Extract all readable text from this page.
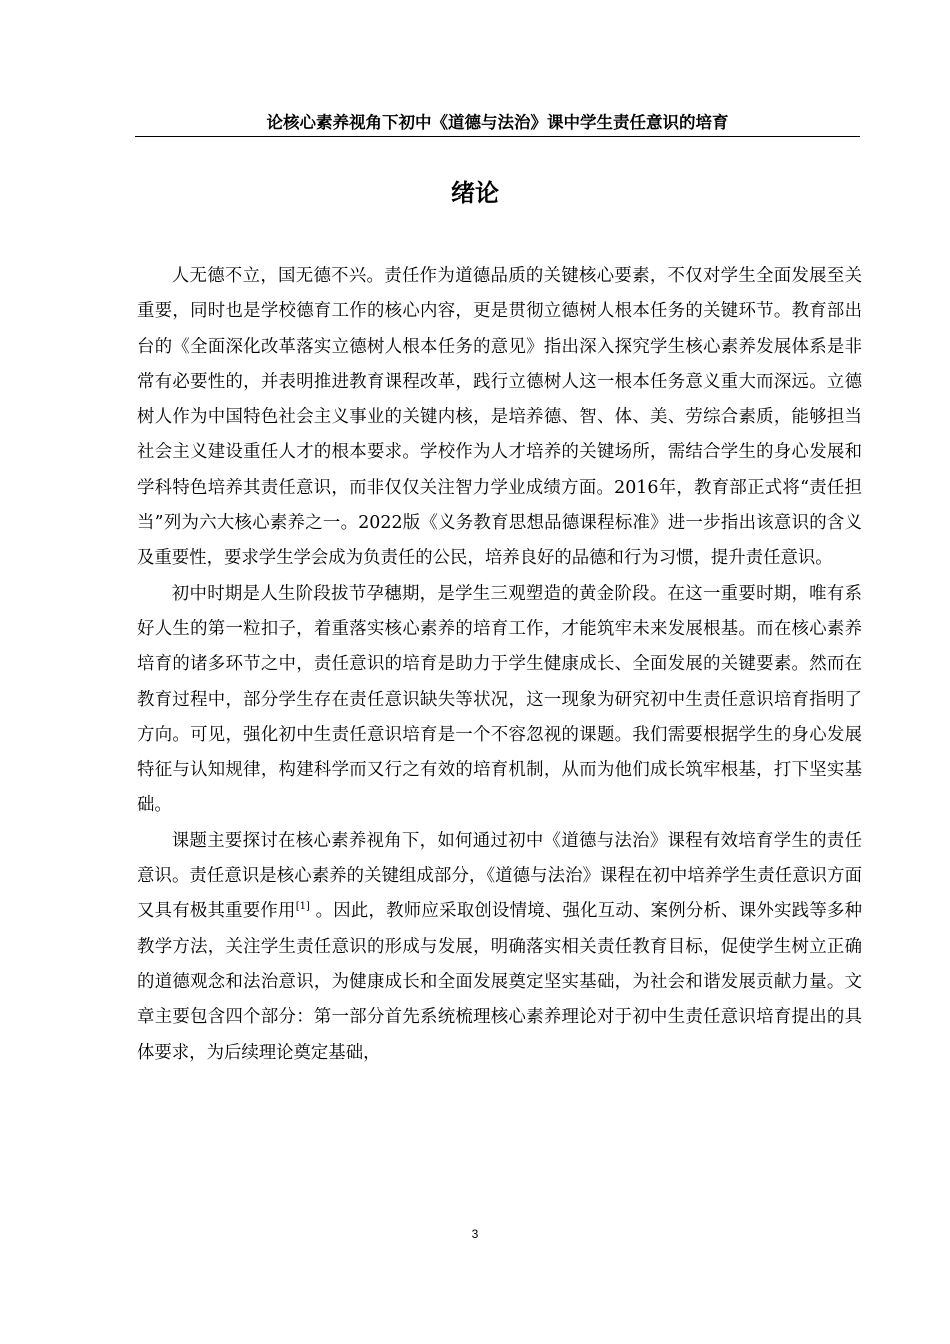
论核心素养视角下初中《道德与法治》课中学生责任意识的培育
绪论

人无德不立，国无德不兴。责任作为道德品质的关键核心要素，不仅对学生全面发展至关重要，同时也是学校德育工作的核心内容，更是贯彻立德树人根本任务的关键环节。教育部出台的《全面深化改革落实立德树人根本任务的意见》指出深入探究学生核心素养发展体系是非常有必要性的，并表明推进教育课程改革，践行立德树人这一根本任务意义重大而深远。立德树人作为中国特色社会主义事业的关键内核，是培养德、智、体、美、劳综合素质，能够担当社会主义建设重任人才的根本要求。学校作为人才培养的关键场所，需结合学生的身心发展和学科特色培养其责任意识，而非仅仅关注智力学业成绩方面。2016年，教育部正式将“责任担当”列为六大核心素养之一。2022版《义务教育思想品德课程标准》进一步指出该意识的含义及重要性，要求学生学会成为负责任的公民，培养良好的品德和行为习惯，提升责任意识。

初中时期是人生阶段拔节孕穗期，是学生三观塑造的黄金阶段。在这一重要时期，唯有系好人生的第一粒扣子，着重落实核心素养的培育工作，才能筑牢未来发展根基。而在核心素养培育的诸多环节之中，责任意识的培育是助力于学生健康成长、全面发展的关键要素。然而在教育过程中，部分学生存在责任意识缺失等状况，这一现象为研究初中生责任意识培育指明了方向。可见，强化初中生责任意识培育是一个不容忽视的课题。我们需要根据学生的身心发展特征与认知规律，构建科学而又行之有效的培育机制，从而为他们成长筑牢根基，打下坚实基础。

课题主要探讨在核心素养视角下，如何通过初中《道德与法治》课程有效培育学生的责任意识。责任意识是核心素养的关键组成部分，《道德与法治》课程在初中培养学生责任意识方面又具有极其重要作用[1] 。因此，教师应采取创设情境、强化互动、案例分析、课外实践等多种教学方法，关注学生责任意识的形成与发展，明确落实相关责任教育目标，促使学生树立正确的道德观念和法治意识，为健康成长和全面发展奠定坚实基础，为社会和谐发展贡献力量。文章主要包含四个部分：第一部分首先系统梳理核心素养理论对于初中生责任意识培育提出的具体要求，为后续理论奠定基础，

3
